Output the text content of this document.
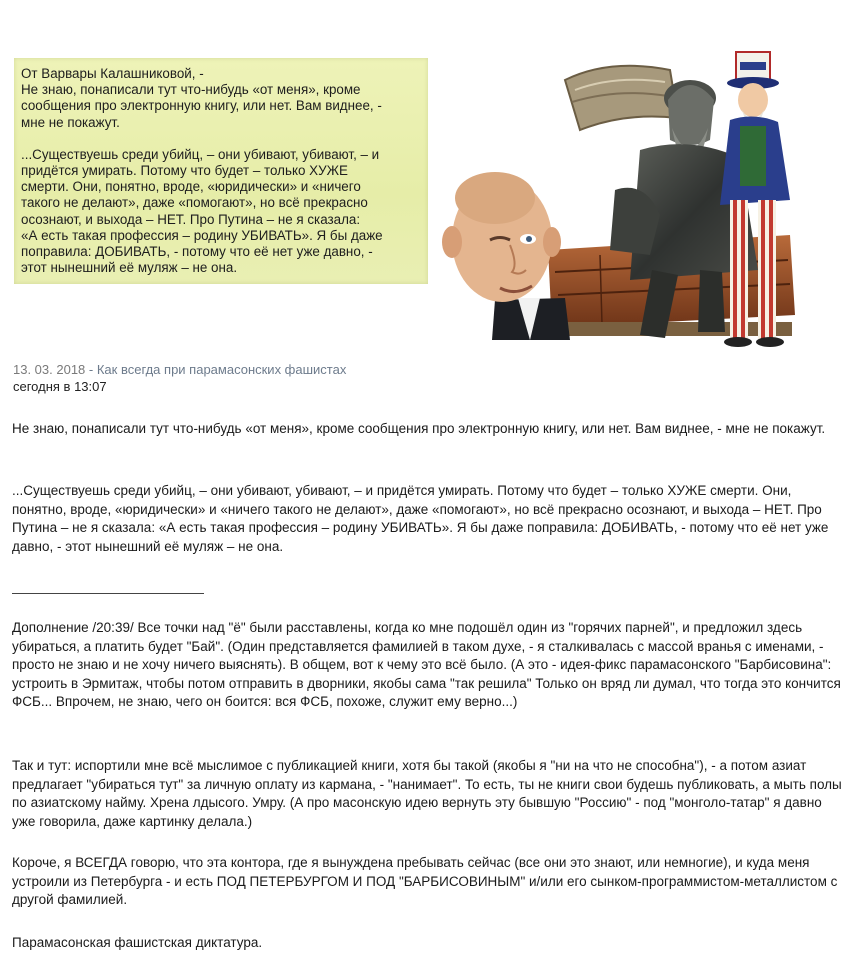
От Варвары Калашниковой, -
Не знаю, понаписали тут что-нибудь «от меня», кроме
сообщения про электронную книгу, или нет. Вам виднее, -
мне не покажут.

...Существуешь среди убийц, – они убивают, убивают, – и
придётся умирать. Потому что будет – только ХУЖЕ
смерти. Они, понятно, вроде, «юридически» и «ничего
такого не делают», даже «помогают», но всё прекрасно
осознают, и выхода – НЕТ. Про Путина – не я сказала:
«А есть такая профессия – родину УБИВАТЬ». Я бы даже
поправила: ДОБИВАТЬ, - потому что её нет уже давно, -
этот нынешний её муляж – не она.

13. 03. 2018 - Как всегда при парамасонских фашистах
сегодня в 13:07

Не знаю, понаписали тут что-нибудь «от меня», кроме сообщения про электронную книгу, или нет. Вам виднее, - мне не покажут.

...Существуешь среди убийц, – они убивают, убивают, – и придётся умирать. Потому что будет – только ХУЖЕ смерти. Они, понятно, вроде, «юридически» и «ничего такого не делают», даже «помогают», но всё прекрасно осознают, и выхода – НЕТ. Про Путина – не я сказала: «А есть такая профессия – родину УБИВАТЬ». Я бы даже поправила: ДОБИВАТЬ, - потому что её нет уже давно, - этот нынешний её муляж – не она.

Дополнение /20:39/ Все точки над "ё" были расставлены, когда ко мне подошёл один из "горячих парней", и предложил здесь убираться, а платить будет "Бай". (Один представляется фамилией в таком духе, - я сталкивалась с массой вранья с именами, - просто не знаю и не хочу ничего выяснять). В общем, вот к чему это всё было. (А это - идея-фикс парамасонского "Барбисовина": устроить в Эрмитаж, чтобы потом отправить в дворники, якобы сама "так решила" Только он вряд ли думал, что тогда это кончится ФСБ... Впрочем, не знаю, чего он боится: вся ФСБ, похоже, служит ему верно...)

Так и тут: испортили мне всё мыслимое с публикацией книги, хотя бы такой (якобы я "ни на что не способна"), - а потом азиат предлагает "убираться тут" за личную оплату из кармана, - "нанимает". То есть, ты не книги свои будешь публиковать, а мыть полы по азиатскому найму. Хрена лдысого. Умру. (А про масонскую идею вернуть эту бывшую "Россию" - под "монголо-татар" я давно уже говорила, даже картинку делала.)

Короче, я ВСЕГДА говорю, что эта контора, где я вынуждена пребывать сейчас (все они это знают, или немногие), и куда меня устроили из Петербурга - и есть ПОД ПЕТЕРБУРГОМ И ПОД "БАРБИСОВИНЫМ" и/или его сынком-программистом-металлистом с другой фамилией.

Парамасонская фашистская диктатура.
